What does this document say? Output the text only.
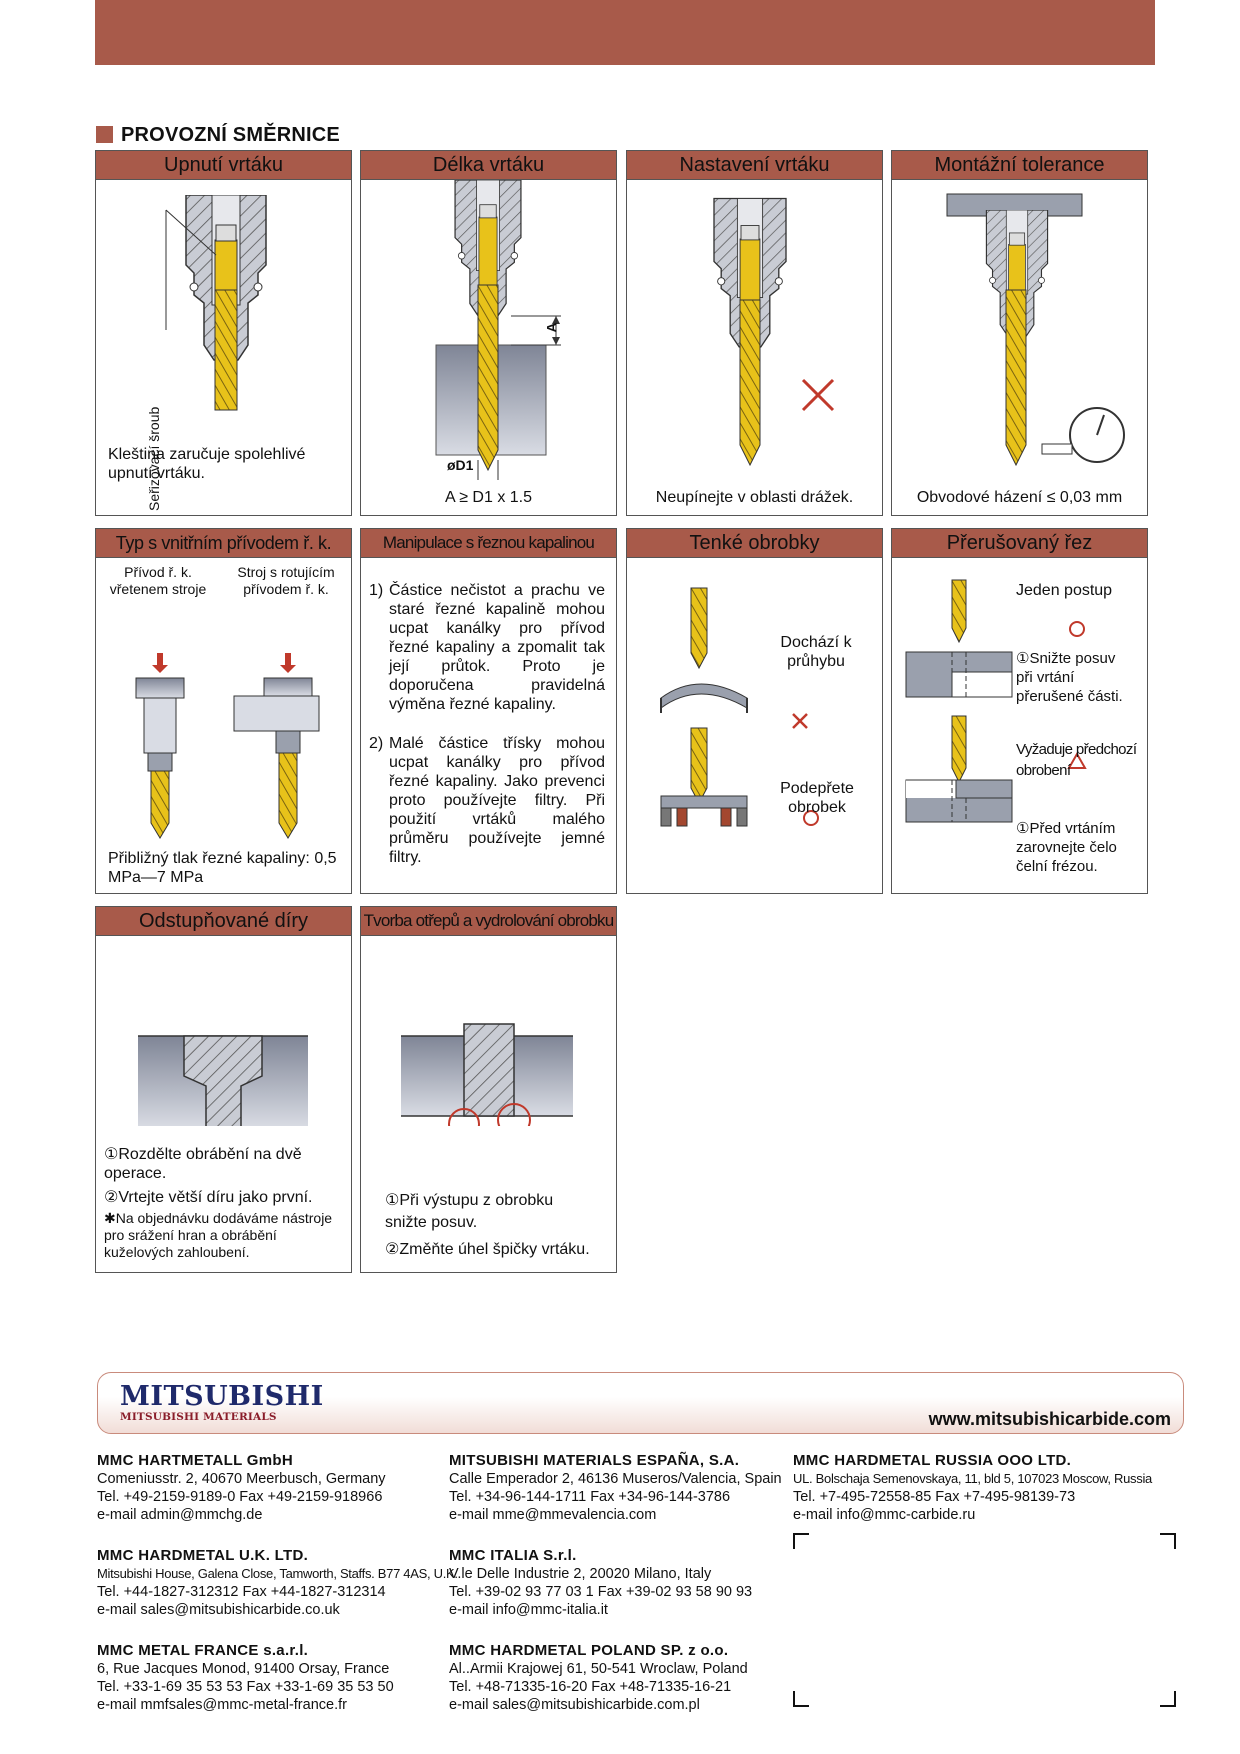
PROVOZNÍ SMĚRNICE
Upnutí vrtáku
Seřizovací šroub
Kleština zaručuje spolehlivé upnutí vrtáku.
Délka vrtáku
A
øD1
A ≥ D1 x 1.5
Nastavení vrtáku
Neupínejte v oblasti drážek.
Montážní tolerance
Obvodové házení ≤ 0,03 mm
Typ s vnitřním přívodem ř. k.
Přívod ř. k. vřetenem stroje
Stroj s rotujícím přívodem ř. k.
Přibližný tlak řezné kapaliny: 0,5 MPa—7 MPa
Manipulace s řeznou kapalinou
1) Částice nečistot a prachu ve staré řezné kapalině mohou ucpat kanálky pro přívod řezné kapaliny a zpomalit tak její průtok. Proto je doporučena pravidelná výměna řezné kapaliny.
2) Malé částice třísky mohou ucpat kanálky pro přívod řezné kapaliny. Jako prevenci proto používejte filtry. Při použití vrtáků malého průměru používejte jemné filtry.
Tenké obrobky
Dochází k průhybu
Podepřete obrobek
Přerušovaný řez
Jeden postup
①Snižte posuv při vrtání přerušené části.
Vyžaduje předchozí obrobení
①Před vrtáním zarovnejte čelo čelní frézou.
Odstupňované díry
①Rozdělte obrábění na dvě operace.
②Vrtejte větší díru jako první.
✱Na objednávku dodáváme nástroje pro srážení hran a obrábění kuželových zahloubení.
Tvorba otřepů a vydrolování obrobku
①Při výstupu z obrobku snižte posuv.
②Změňte úhel špičky vrtáku.
MITSUBISHI
MITSUBISHI MATERIALS	www.mitsubishicarbide.com
MMC HARTMETALL GmbH
Comeniusstr. 2, 40670 Meerbusch, Germany
Tel. +49-2159-9189-0 Fax +49-2159-918966
e-mail admin@mmchg.de
MITSUBISHI MATERIALS ESPAÑA, S.A.
Calle Emperador 2, 46136 Museros/Valencia, Spain
Tel. +34-96-144-1711 Fax +34-96-144-3786
e-mail mme@mmevalencia.com
MMC HARDMETAL RUSSIA OOO LTD.
UL. Bolschaja Semenovskaya, 11, bld 5, 107023 Moscow, Russia
Tel. +7-495-72558-85 Fax +7-495-98139-73
e-mail info@mmc-carbide.ru
MMC HARDMETAL U.K. LTD.
Mitsubishi House, Galena Close, Tamworth, Staffs. B77 4AS, U.K.
Tel. +44-1827-312312 Fax +44-1827-312314
e-mail sales@mitsubishicarbide.co.uk
MMC ITALIA S.r.l.
V.le Delle Industrie 2, 20020 Milano, Italy
Tel. +39-02 93 77 03 1 Fax +39-02 93 58 90 93
e-mail info@mmc-italia.it
MMC METAL FRANCE s.a.r.l.
6, Rue Jacques Monod, 91400 Orsay, France
Tel. +33-1-69 35 53 53 Fax +33-1-69 35 53 50
e-mail mmfsales@mmc-metal-france.fr
MMC HARDMETAL POLAND SP. z o.o.
Al..Armii Krajowej 61, 50-541 Wroclaw, Poland
Tel. +48-71335-16-20 Fax +48-71335-16-21
e-mail sales@mitsubishicarbide.com.pl
